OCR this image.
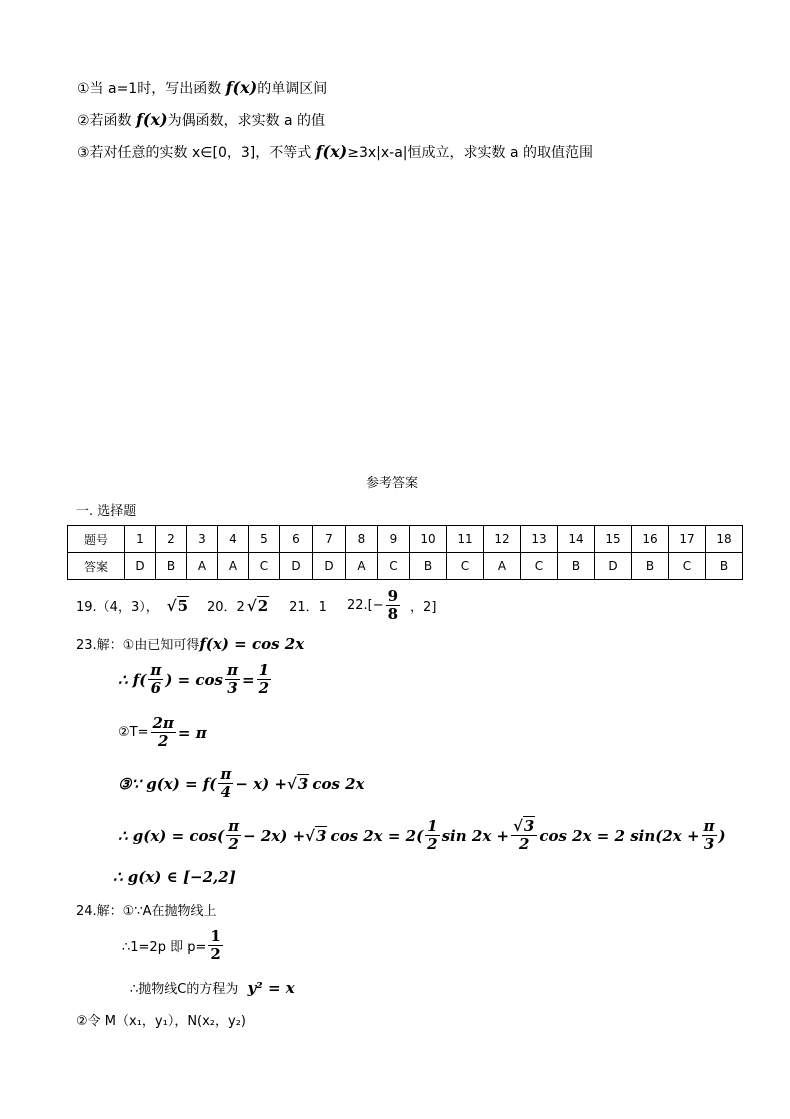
①当 a=1时，写出函数 f(x)的单调区间
②若函数 f(x)为偶函数，求实数 a 的值
③若对任意的实数 x∈[0，3]，不等式 f(x)≥3x|x-a|恒成立，求实数 a 的取值范围
参考答案
一. 选择题
题号	1	2	3	4	5	6	7	8	9	10	11	12	13	14	15	16	17	18
答案	D	B	A	A	C	D	D	A	C	B	C	A	C	B	D	B	C	B
19.（4，3）， √5 20．2 √2 21．1 $22.[- \frac{9}{8}$ ，2]
23.解：①由已知可得f(x) = cos 2x
∴ $f( \frac{\pi}{6}$ ) = $\cos \frac{\pi}{3} = \frac{1}{2}$
②T= $\frac{2\pi}{2} = \pi$
③∵ $g(x) = f( \frac{\pi}{4} - x) + √3$ cos 2x
∴ $g(x) = \cos( \frac{\pi}{2} - 2x) + √3$ $\cos 2x = 2( \frac{1}{2}$ $\sin 2x + \frac{√3}{2}$ cos 2x = 2 $\sin(2x + \frac{\pi}{3}$ )
∴ g(x) ∈ [−2,2]
24.解：①∵A在抛物线上
∴1=2p 即 $p= \frac{1}{2}$
∴抛物线C的方程为 y² = x
②令 M（x₁，y₁），N(x₂，y₂)
